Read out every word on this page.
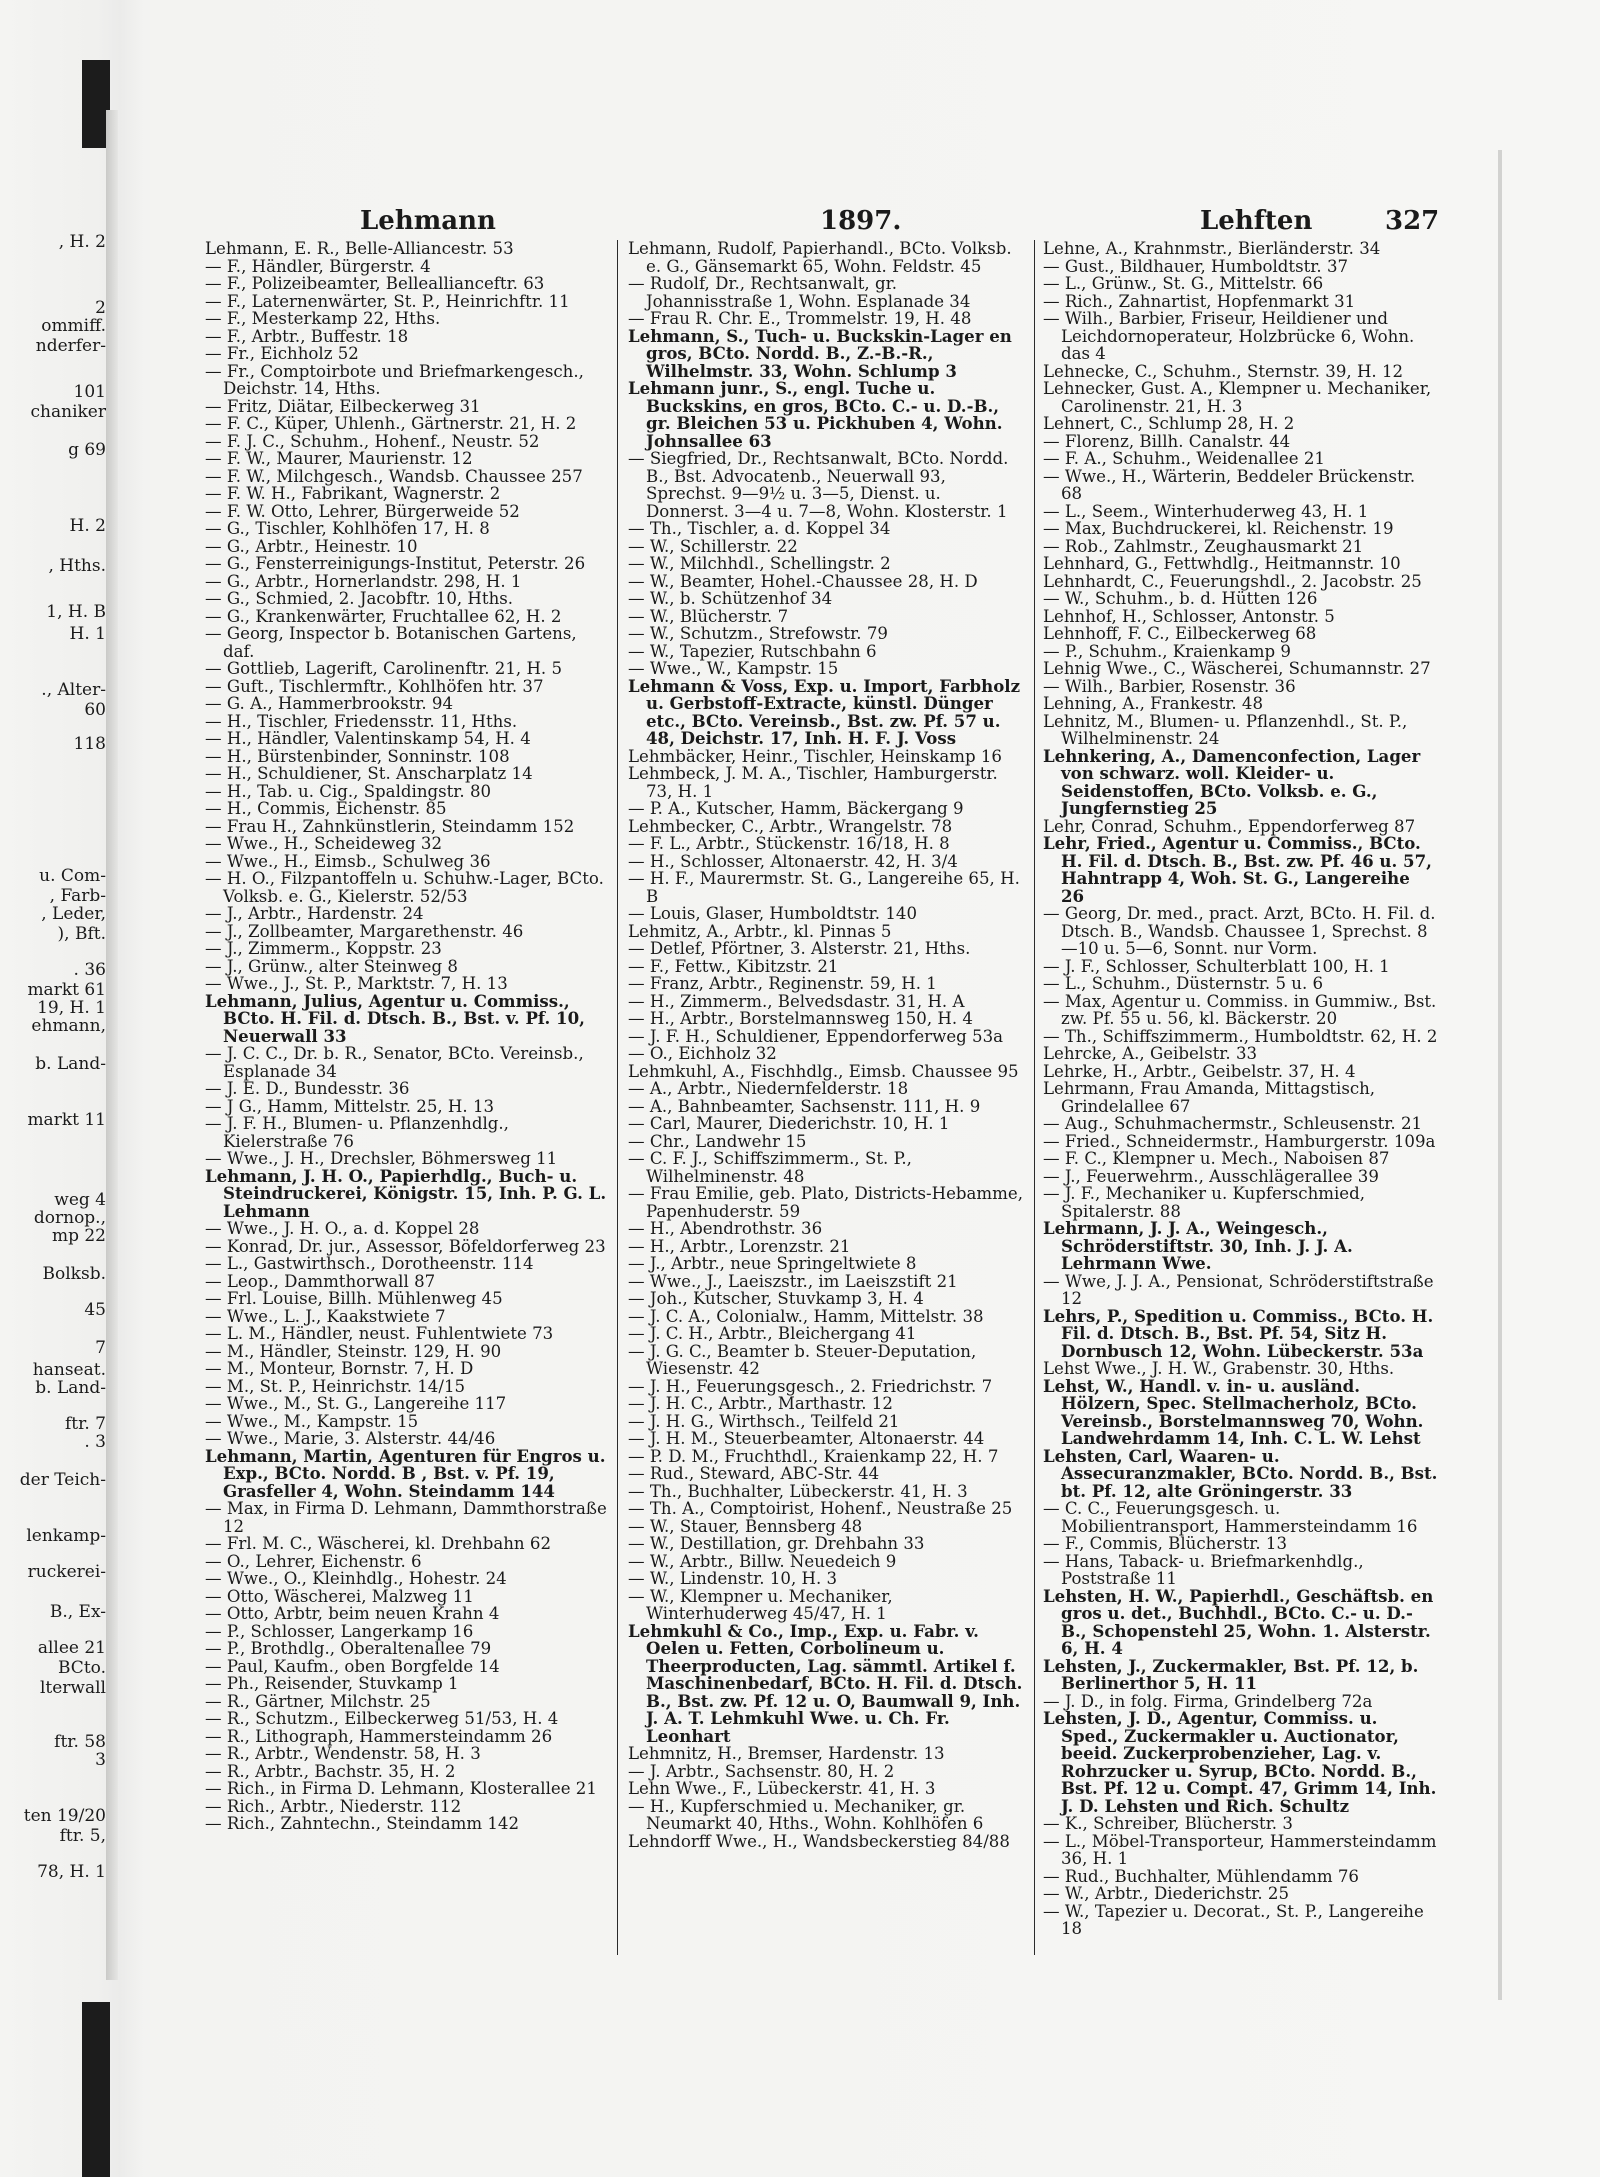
, H. 2
2
ommiff.
nderfer-
101
chaniker
g 69
H. 2
, Hths.
1, H. B
H. 1
., Alter-
60
118
u. Com-
, Farb-
, Leder,
), Bft.
. 36
markt 61
19, H. 1
ehmann,
b. Land-
markt 11
weg 4
dornop.,
mp 22
Bolksb.
45
7
hanseat.
b. Land-
ftr. 7
. 3
der Teich-
lenkamp-
ruckerei-
B., Ex-
allee 21
BCto.
lterwall
ftr. 58
3
ten 19/20
ftr. 5,
78, H. 1
Lehmann	1897.	Lehften	327
Lehmann, E. R., Belle-Alliancestr. 53
— F., Händler, Bürgerstr. 4
— F., Polizeibeamter, Belleallianceftr. 63
— F., Laternenwärter, St. P., Heinrichftr. 11
— F., Mesterkamp 22, Hths.
— F., Arbtr., Buffestr. 18
— Fr., Eichholz 52
— Fr., Comptoirbote und Briefmarkengesch., Deichstr. 14, Hths.
— Fritz, Diätar, Eilbeckerweg 31
— F. C., Küper, Uhlenh., Gärtnerstr. 21, H. 2
— F. J. C., Schuhm., Hohenf., Neustr. 52
— F. W., Maurer, Maurienstr. 12
— F. W., Milchgesch., Wandsb. Chaussee 257
— F. W. H., Fabrikant, Wagnerstr. 2
— F. W. Otto, Lehrer, Bürgerweide 52
— G., Tischler, Kohlhöfen 17, H. 8
— G., Arbtr., Heinestr. 10
— G., Fensterreinigungs-Institut, Peterstr. 26
— G., Arbtr., Hornerlandstr. 298, H. 1
— G., Schmied, 2. Jacobftr. 10, Hths.
— G., Krankenwärter, Fruchtallee 62, H. 2
— Georg, Inspector b. Botanischen Gartens, daf.
— Gottlieb, Lagerift, Carolinenftr. 21, H. 5
— Guft., Tischlermftr., Kohlhöfen htr. 37
— G. A., Hammerbrookstr. 94
— H., Tischler, Friedensstr. 11, Hths.
— H., Händler, Valentinskamp 54, H. 4
— H., Bürstenbinder, Sonninstr. 108
— H., Schuldiener, St. Anscharplatz 14
— H., Tab. u. Cig., Spaldingstr. 80
— H., Commis, Eichenstr. 85
— Frau H., Zahnkünstlerin, Steindamm 152
— Wwe., H., Scheideweg 32
— Wwe., H., Eimsb., Schulweg 36
— H. O., Filzpantoffeln u. Schuhw.-Lager, BCto. Volksb. e. G., Kielerstr. 52/53
— J., Arbtr., Hardenstr. 24
— J., Zollbeamter, Margarethenstr. 46
— J., Zimmerm., Koppstr. 23
— J., Grünw., alter Steinweg 8
— Wwe., J., St. P., Marktstr. 7, H. 13
Lehmann, Julius, Agentur u. Commiss., BCto. H. Fil. d. Dtsch. B., Bst. v. Pf. 10, Neuerwall 33
— J. C. C., Dr. b. R., Senator, BCto. Vereinsb., Esplanade 34
— J. E. D., Bundesstr. 36
— J G., Hamm, Mittelstr. 25, H. 13
— J. F. H., Blumen- u. Pflanzenhdlg., Kielerstraße 76
— Wwe., J. H., Drechsler, Böhmersweg 11
Lehmann, J. H. O., Papierhdlg., Buch- u. Steindruckerei, Königstr. 15, Inh. P. G. L. Lehmann
— Wwe., J. H. O., a. d. Koppel 28
— Konrad, Dr. jur., Assessor, Böfeldorferweg 23
— L., Gastwirthsch., Dorotheenstr. 114
— Leop., Dammthorwall 87
— Frl. Louise, Billh. Mühlenweg 45
— Wwe., L. J., Kaakstwiete 7
— L. M., Händler, neust. Fuhlentwiete 73
— M., Händler, Steinstr. 129, H. 90
— M., Monteur, Bornstr. 7, H. D
— M., St. P., Heinrichstr. 14/15
— Wwe., M., St. G., Langereihe 117
— Wwe., M., Kampstr. 15
— Wwe., Marie, 3. Alsterstr. 44/46
Lehmann, Martin, Agenturen für Engros u. Exp., BCto. Nordd. B , Bst. v. Pf. 19, Grasfeller 4, Wohn. Steindamm 144
— Max, in Firma D. Lehmann, Dammthorstraße 12
— Frl. M. C., Wäscherei, kl. Drehbahn 62
— O., Lehrer, Eichenstr. 6
— Wwe., O., Kleinhdlg., Hohestr. 24
— Otto, Wäscherei, Malzweg 11
— Otto, Arbtr, beim neuen Krahn 4
— P., Schlosser, Langerkamp 16
— P., Brothdlg., Oberaltenallee 79
— Paul, Kaufm., oben Borgfelde 14
— Ph., Reisender, Stuvkamp 1
— R., Gärtner, Milchstr. 25
— R., Schutzm., Eilbeckerweg 51/53, H. 4
— R., Lithograph, Hammersteindamm 26
— R., Arbtr., Wendenstr. 58, H. 3
— R., Arbtr., Bachstr. 35, H. 2
— Rich., in Firma D. Lehmann, Klosterallee 21
— Rich., Arbtr., Niederstr. 112
— Rich., Zahntechn., Steindamm 142
Lehmann, Rudolf, Papierhandl., BCto. Volksb. e. G., Gänsemarkt 65, Wohn. Feldstr. 45
— Rudolf, Dr., Rechtsanwalt, gr. Johannisstraße 1, Wohn. Esplanade 34
— Frau R. Chr. E., Trommelstr. 19, H. 48
Lehmann, S., Tuch- u. Buckskin-Lager en gros, BCto. Nordd. B., Z.-B.-R., Wilhelmstr. 33, Wohn. Schlump 3
Lehmann junr., S., engl. Tuche u. Buckskins, en gros, BCto. C.- u. D.-B., gr. Bleichen 53 u. Pickhuben 4, Wohn. Johnsallee 63
— Siegfried, Dr., Rechtsanwalt, BCto. Nordd. B., Bst. Advocatenb., Neuerwall 93, Sprechst. 9—9½ u. 3—5, Dienst. u. Donnerst. 3—4 u. 7—8, Wohn. Klosterstr. 1
— Th., Tischler, a. d. Koppel 34
— W., Schillerstr. 22
— W., Milchhdl., Schellingstr. 2
— W., Beamter, Hohel.-Chaussee 28, H. D
— W., b. Schützenhof 34
— W., Blücherstr. 7
— W., Schutzm., Strefowstr. 79
— W., Tapezier, Rutschbahn 6
— Wwe., W., Kampstr. 15
Lehmann & Voss, Exp. u. Import, Farbholz u. Gerbstoff-Extracte, künstl. Dünger etc., BCto. Vereinsb., Bst. zw. Pf. 57 u. 48, Deichstr. 17, Inh. H. F. J. Voss
Lehmbäcker, Heinr., Tischler, Heinskamp 16
Lehmbeck, J. M. A., Tischler, Hamburgerstr. 73, H. 1
— P. A., Kutscher, Hamm, Bäckergang 9
Lehmbecker, C., Arbtr., Wrangelstr. 78
— F. L., Arbtr., Stückenstr. 16/18, H. 8
— H., Schlosser, Altonaerstr. 42, H. 3/4
— H. F., Maurermstr. St. G., Langereihe 65, H. B
— Louis, Glaser, Humboldtstr. 140
Lehmitz, A., Arbtr., kl. Pinnas 5
— Detlef, Pförtner, 3. Alsterstr. 21, Hths.
— F., Fettw., Kibitzstr. 21
— Franz, Arbtr., Reginenstr. 59, H. 1
— H., Zimmerm., Belvedsdastr. 31, H. A
— H., Arbtr., Borstelmannsweg 150, H. 4
— J. F. H., Schuldiener, Eppendorferweg 53a
— O., Eichholz 32
Lehmkuhl, A., Fischhdlg., Eimsb. Chaussee 95
— A., Arbtr., Niedernfelderstr. 18
— A., Bahnbeamter, Sachsenstr. 111, H. 9
— Carl, Maurer, Diederichstr. 10, H. 1
— Chr., Landwehr 15
— C. F. J., Schiffszimmerm., St. P., Wilhelminenstr. 48
— Frau Emilie, geb. Plato, Districts-Hebamme, Papenhuderstr. 59
— H., Abendrothstr. 36
— H., Arbtr., Lorenzstr. 21
— J., Arbtr., neue Springeltwiete 8
— Wwe., J., Laeiszstr., im Laeiszstift 21
— Joh., Kutscher, Stuvkamp 3, H. 4
— J. C. A., Colonialw., Hamm, Mittelstr. 38
— J. C. H., Arbtr., Bleichergang 41
— J. G. C., Beamter b. Steuer-Deputation, Wiesenstr. 42
— J. H., Feuerungsgesch., 2. Friedrichstr. 7
— J. H. C., Arbtr., Marthastr. 12
— J. H. G., Wirthsch., Teilfeld 21
— J. H. M., Steuerbeamter, Altonaerstr. 44
— P. D. M., Fruchthdl., Kraienkamp 22, H. 7
— Rud., Steward, ABC-Str. 44
— Th., Buchhalter, Lübeckerstr. 41, H. 3
— Th. A., Comptoirist, Hohenf., Neustraße 25
— W., Stauer, Bennsberg 48
— W., Destillation, gr. Drehbahn 33
— W., Arbtr., Billw. Neuedeich 9
— W., Lindenstr. 10, H. 3
— W., Klempner u. Mechaniker, Winterhuderweg 45/47, H. 1
Lehmkuhl & Co., Imp., Exp. u. Fabr. v. Oelen u. Fetten, Corbolineum u. Theerproducten, Lag. sämmtl. Artikel f. Maschinenbedarf, BCto. H. Fil. d. Dtsch. B., Bst. zw. Pf. 12 u. O, Baumwall 9, Inh. J. A. T. Lehmkuhl Wwe. u. Ch. Fr. Leonhart
Lehmnitz, H., Bremser, Hardenstr. 13
— J. Arbtr., Sachsenstr. 80, H. 2
Lehn Wwe., F., Lübeckerstr. 41, H. 3
— H., Kupferschmied u. Mechaniker, gr. Neumarkt 40, Hths., Wohn. Kohlhöfen 6
Lehndorff Wwe., H., Wandsbeckerstieg 84/88
Lehne, A., Krahnmstr., Bierländerstr. 34
— Gust., Bildhauer, Humboldtstr. 37
— L., Grünw., St. G., Mittelstr. 66
— Rich., Zahnartist, Hopfenmarkt 31
— Wilh., Barbier, Friseur, Heildiener und Leichdornoperateur, Holzbrücke 6, Wohn. das 4
Lehnecke, C., Schuhm., Sternstr. 39, H. 12
Lehnecker, Gust. A., Klempner u. Mechaniker, Carolinenstr. 21, H. 3
Lehnert, C., Schlump 28, H. 2
— Florenz, Billh. Canalstr. 44
— F. A., Schuhm., Weidenallee 21
— Wwe., H., Wärterin, Beddeler Brückenstr. 68
— L., Seem., Winterhuderweg 43, H. 1
— Max, Buchdruckerei, kl. Reichenstr. 19
— Rob., Zahlmstr., Zeughausmarkt 21
Lehnhard, G., Fettwhdlg., Heitmannstr. 10
Lehnhardt, C., Feuerungshdl., 2. Jacobstr. 25
— W., Schuhm., b. d. Hütten 126
Lehnhof, H., Schlosser, Antonstr. 5
Lehnhoff, F. C., Eilbeckerweg 68
— P., Schuhm., Kraienkamp 9
Lehnig Wwe., C., Wäscherei, Schumannstr. 27
— Wilh., Barbier, Rosenstr. 36
Lehning, A., Frankestr. 48
Lehnitz, M., Blumen- u. Pflanzenhdl., St. P., Wilhelminenstr. 24
Lehnkering, A., Damenconfection, Lager von schwarz. woll. Kleider- u. Seidenstoffen, BCto. Volksb. e. G., Jungfernstieg 25
Lehr, Conrad, Schuhm., Eppendorferweg 87
Lehr, Fried., Agentur u. Commiss., BCto. H. Fil. d. Dtsch. B., Bst. zw. Pf. 46 u. 57, Hahntrapp 4, Woh. St. G., Langereihe 26
— Georg, Dr. med., pract. Arzt, BCto. H. Fil. d. Dtsch. B., Wandsb. Chaussee 1, Sprechst. 8—10 u. 5—6, Sonnt. nur Vorm.
— J. F., Schlosser, Schulterblatt 100, H. 1
— L., Schuhm., Düsternstr. 5 u. 6
— Max, Agentur u. Commiss. in Gummiw., Bst. zw. Pf. 55 u. 56, kl. Bäckerstr. 20
— Th., Schiffszimmerm., Humboldtstr. 62, H. 2
Lehrcke, A., Geibelstr. 33
Lehrke, H., Arbtr., Geibelstr. 37, H. 4
Lehrmann, Frau Amanda, Mittagstisch, Grindelallee 67
— Aug., Schuhmachermstr., Schleusenstr. 21
— Fried., Schneidermstr., Hamburgerstr. 109a
— F. C., Klempner u. Mech., Naboisen 87
— J., Feuerwehrm., Ausschlägerallee 39
— J. F., Mechaniker u. Kupferschmied, Spitalerstr. 88
Lehrmann, J. J. A., Weingesch., Schröderstiftstr. 30, Inh. J. J. A. Lehrmann Wwe.
— Wwe, J. J. A., Pensionat, Schröderstiftstraße 12
Lehrs, P., Spedition u. Commiss., BCto. H. Fil. d. Dtsch. B., Bst. Pf. 54, Sitz H. Dornbusch 12, Wohn. Lübeckerstr. 53a
Lehst Wwe., J. H. W., Grabenstr. 30, Hths.
Lehst, W., Handl. v. in- u. ausländ. Hölzern, Spec. Stellmacherholz, BCto. Vereinsb., Borstelmannsweg 70, Wohn. Landwehrdamm 14, Inh. C. L. W. Lehst
Lehsten, Carl, Waaren- u. Assecuranzmakler, BCto. Nordd. B., Bst. bt. Pf. 12, alte Gröningerstr. 33
— C. C., Feuerungsgesch. u. Mobilientransport, Hammersteindamm 16
— F., Commis, Blücherstr. 13
— Hans, Taback- u. Briefmarkenhdlg., Poststraße 11
Lehsten, H. W., Papierhdl., Geschäftsb. en gros u. det., Buchhdl., BCto. C.- u. D.-B., Schopenstehl 25, Wohn. 1. Alsterstr. 6, H. 4
Lehsten, J., Zuckermakler, Bst. Pf. 12, b. Berlinerthor 5, H. 11
— J. D., in folg. Firma, Grindelberg 72a
Lehsten, J. D., Agentur, Commiss. u. Sped., Zuckermakler u. Auctionator, beeid. Zuckerprobenzieher, Lag. v. Rohrzucker u. Syrup, BCto. Nordd. B., Bst. Pf. 12 u. Compt. 47, Grimm 14, Inh. J. D. Lehsten und Rich. Schultz
— K., Schreiber, Blücherstr. 3
— L., Möbel-Transporteur, Hammersteindamm 36, H. 1
— Rud., Buchhalter, Mühlendamm 76
— W., Arbtr., Diederichstr. 25
— W., Tapezier u. Decorat., St. P., Langereihe 18
